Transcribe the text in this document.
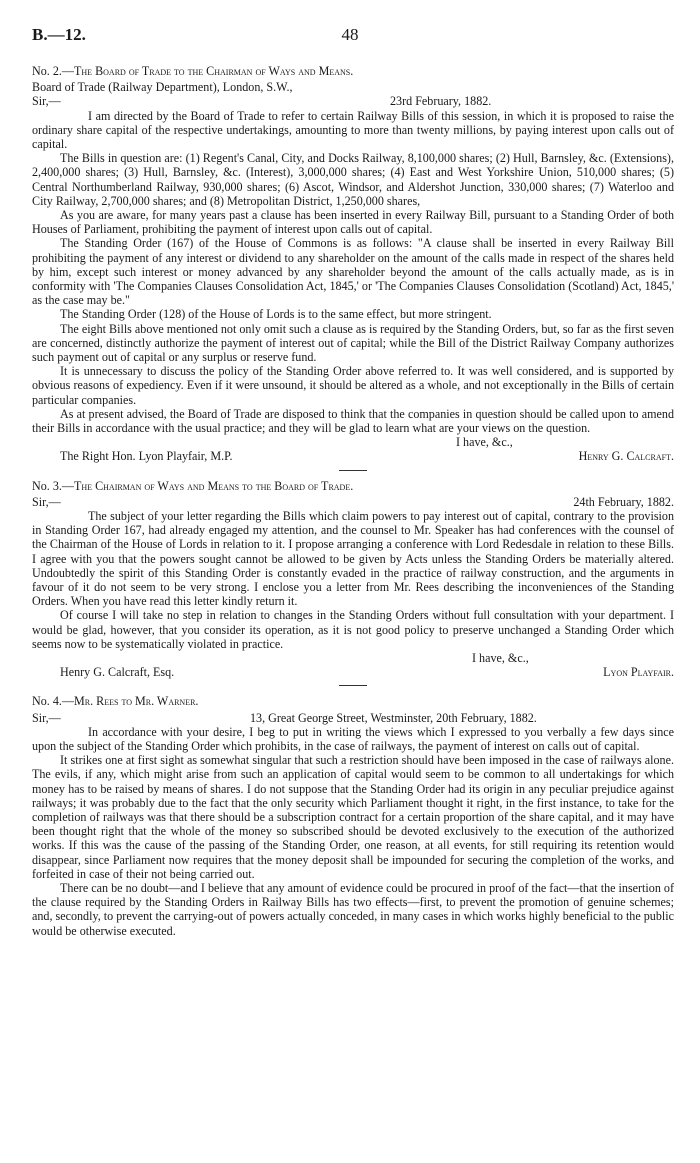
B.—12.	48

No. 2.—The Board of Trade to the Chairman of Ways and Means.

Board of Trade (Railway Department), London, S.W.,

Sir,—	23rd February, 1882.

I am directed by the Board of Trade to refer to certain Railway Bills of this session, in which it is proposed to raise the ordinary share capital of the respective undertakings, amounting to more than twenty millions, by paying interest upon calls out of capital.

The Bills in question are: (1) Regent's Canal, City, and Docks Railway, 8,100,000 shares; (2) Hull, Barnsley, &c. (Extensions), 2,400,000 shares; (3) Hull, Barnsley, &c. (Interest), 3,000,000 shares; (4) East and West Yorkshire Union, 510,000 shares; (5) Central Northumberland Railway, 930,000 shares; (6) Ascot, Windsor, and Aldershot Junction, 330,000 shares; (7) Waterloo and City Railway, 2,700,000 shares; and (8) Metropolitan District, 1,250,000 shares,

As you are aware, for many years past a clause has been inserted in every Railway Bill, pursuant to a Standing Order of both Houses of Parliament, prohibiting the payment of interest upon calls out of capital.

The Standing Order (167) of the House of Commons is as follows: "A clause shall be inserted in every Railway Bill prohibiting the payment of any interest or dividend to any shareholder on the amount of the calls made in respect of the shares held by him, except such interest or money advanced by any shareholder beyond the amount of the calls actually made, as is in conformity with 'The Companies Clauses Consolidation Act, 1845,' or 'The Companies Clauses Consolidation (Scotland) Act, 1845,' as the case may be."

The Standing Order (128) of the House of Lords is to the same effect, but more stringent.

The eight Bills above mentioned not only omit such a clause as is required by the Standing Orders, but, so far as the first seven are concerned, distinctly authorize the payment of interest out of capital; while the Bill of the District Railway Company authorizes such payment out of capital or any surplus or reserve fund.

It is unnecessary to discuss the policy of the Standing Order above referred to. It was well considered, and is supported by obvious reasons of expediency. Even if it were unsound, it should be altered as a whole, and not exceptionally in the Bills of certain particular companies.

As at present advised, the Board of Trade are disposed to think that the companies in question should be called upon to amend their Bills in accordance with the usual practice; and they will be glad to learn what are your views on the question.

I have, &c.,
The Right Hon. Lyon Playfair, M.P.	Henry G. Calcraft.

No. 3.—The Chairman of Ways and Means to the Board of Trade.

Sir,—	24th February, 1882.

The subject of your letter regarding the Bills which claim powers to pay interest out of capital, contrary to the provision in Standing Order 167, had already engaged my attention, and the counsel to Mr. Speaker has had conferences with the counsel of the Chairman of the House of Lords in relation to it. I propose arranging a conference with Lord Redesdale in relation to these Bills. I agree with you that the powers sought cannot be allowed to be given by Acts unless the Standing Orders be materially altered. Undoubtedly the spirit of this Standing Order is constantly evaded in the practice of railway construction, and the arguments in favour of it do not seem to be very strong. I enclose you a letter from Mr. Rees describing the inconveniences of the Standing Orders. When you have read this letter kindly return it.

Of course I will take no step in relation to changes in the Standing Orders without full consultation with your department. I would be glad, however, that you consider its operation, as it is not good policy to preserve unchanged a Standing Order which seems now to be systematically violated in practice.

I have, &c.,
Henry G. Calcraft, Esq.	Lyon Playfair.

No. 4.—Mr. Rees to Mr. Warner.

Sir,—	13, Great George Street, Westminster, 20th February, 1882.

In accordance with your desire, I beg to put in writing the views which I expressed to you verbally a few days since upon the subject of the Standing Order which prohibits, in the case of railways, the payment of interest on calls out of capital.

It strikes one at first sight as somewhat singular that such a restriction should have been imposed in the case of railways alone. The evils, if any, which might arise from such an application of capital would seem to be common to all undertakings for which money has to be raised by means of shares. I do not suppose that the Standing Order had its origin in any peculiar prejudice against railways; it was probably due to the fact that the only security which Parliament thought it right, in the first instance, to take for the completion of railways was that there should be a subscription contract for a certain proportion of the share capital, and it may have been thought right that the whole of the money so subscribed should be devoted exclusively to the execution of the authorized works. If this was the cause of the passing of the Standing Order, one reason, at all events, for still requiring its retention would disappear, since Parliament now requires that the money deposit shall be impounded for securing the completion of the works, and forfeited in case of their not being carried out.

There can be no doubt—and I believe that any amount of evidence could be procured in proof of the fact—that the insertion of the clause required by the Standing Orders in Railway Bills has two effects—first, to prevent the promotion of genuine schemes; and, secondly, to prevent the carrying-out of powers actually conceded, in many cases in which works highly beneficial to the public would be otherwise executed.
